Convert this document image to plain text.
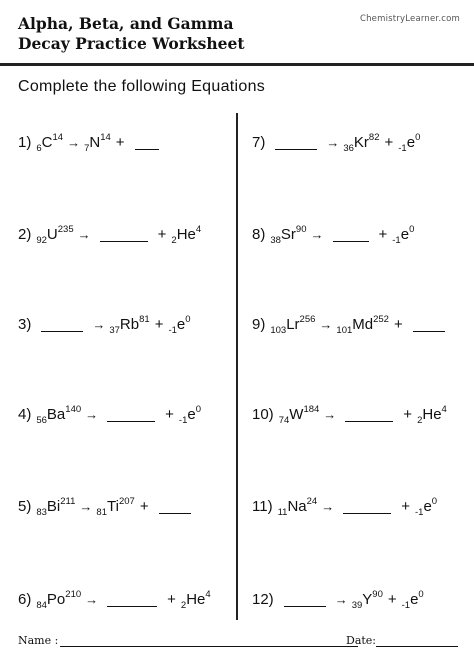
Alpha, Beta, and Gamma
Decay Practice Worksheet
ChemistryLearner.com
Complete the following Equations
1) $_6C^{14} \to _7N^{14}$ +	7)	→ $_{36}Kr^{82} + _{-1}e^0$
2) $_{92}U^{235}$ →	+ $_2He^4$	8) $_{38}Sr^{90}$ →	+ $_{-1}e^0$
3)	→ $_{37}Rb^{81} + _{-1}e^0$	9) $_{103}Lr^{256} \to _{101}Md^{252}$ +
4) $_{56}Ba^{140}$ →	+ $_{-1}e^0$	10) $_{74}W^{184}$ →	+ $_2He^4$
5) $_{83}Bi^{211} \to _{81}Ti^{207}$ +	11) $_{11}Na^{24}$ →	+ $_{-1}e^0$
6) $_{84}Po^{210}$ →	+ $_2He^4$	12)	→ $_{39}Y^{90} + _{-1}e^0$
Name :	Date:
